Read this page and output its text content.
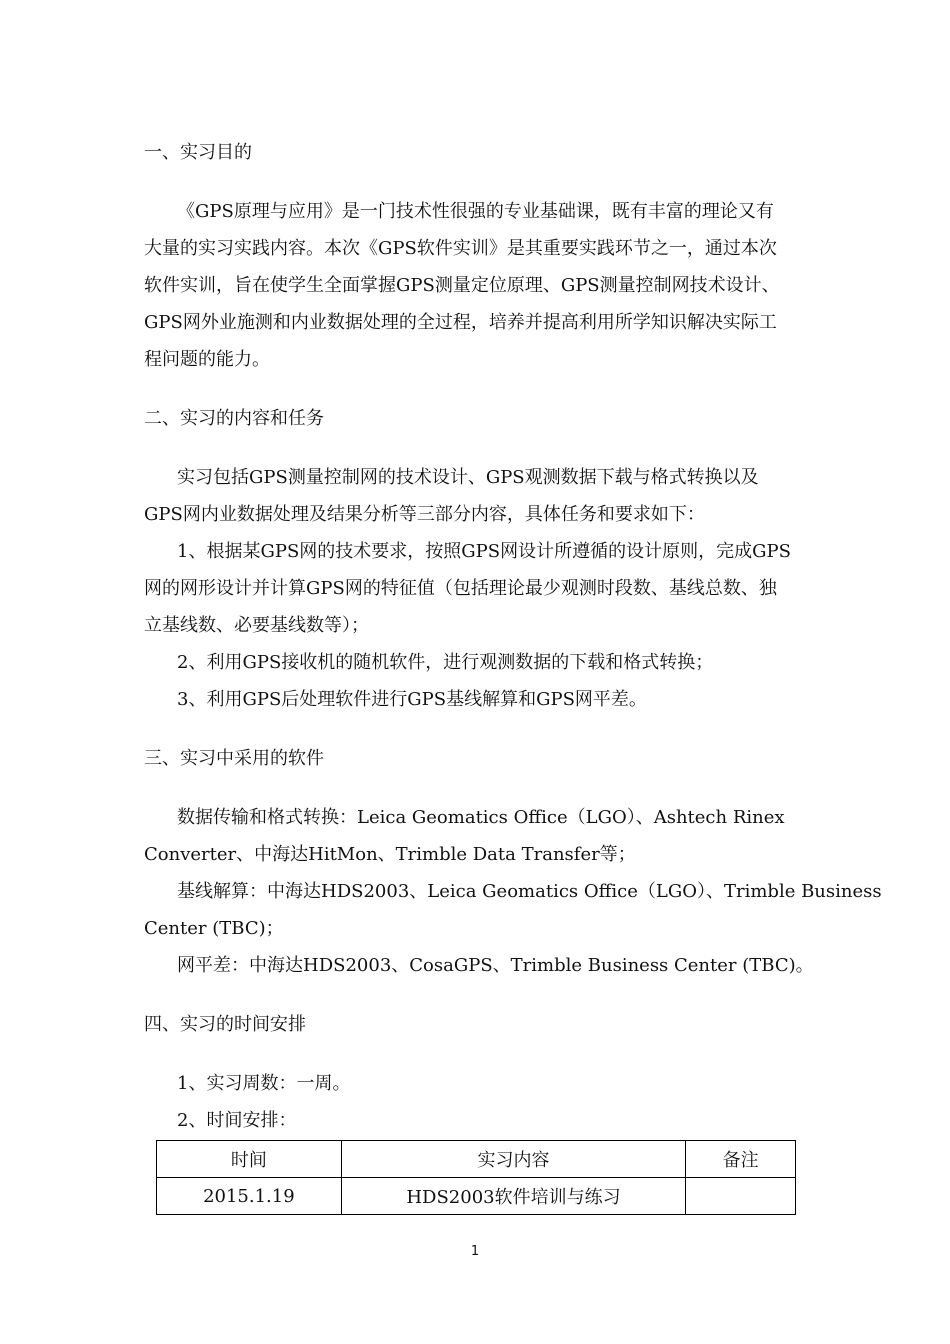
一、实习目的
《GPS原理与应用》是一门技术性很强的专业基础课，既有丰富的理论又有
大量的实习实践内容。本次《GPS软件实训》是其重要实践环节之一，通过本次
软件实训，旨在使学生全面掌握GPS测量定位原理、GPS测量控制网技术设计、
GPS网外业施测和内业数据处理的全过程，培养并提高利用所学知识解决实际工
程问题的能力。
二、实习的内容和任务
实习包括GPS测量控制网的技术设计、GPS观测数据下载与格式转换以及
GPS网内业数据处理及结果分析等三部分内容，具体任务和要求如下：
1、根据某GPS网的技术要求，按照GPS网设计所遵循的设计原则，完成GPS
网的网形设计并计算GPS网的特征值（包括理论最少观测时段数、基线总数、独
立基线数、必要基线数等）；
2、利用GPS接收机的随机软件，进行观测数据的下载和格式转换；
3、利用GPS后处理软件进行GPS基线解算和GPS网平差。
三、实习中采用的软件
数据传输和格式转换：Leica Geomatics Office（LGO）、Ashtech Rinex
Converter、中海达HitMon、Trimble Data Transfer等；
基线解算：中海达HDS2003、Leica Geomatics Office（LGO）、Trimble Business
Center (TBC)；
网平差：中海达HDS2003、CosaGPS、Trimble Business Center (TBC)。
四、实习的时间安排
1、实习周数：一周。
2、时间安排：
时间	实习内容	备注
2015.1.19	HDS2003软件培训与练习	
1
